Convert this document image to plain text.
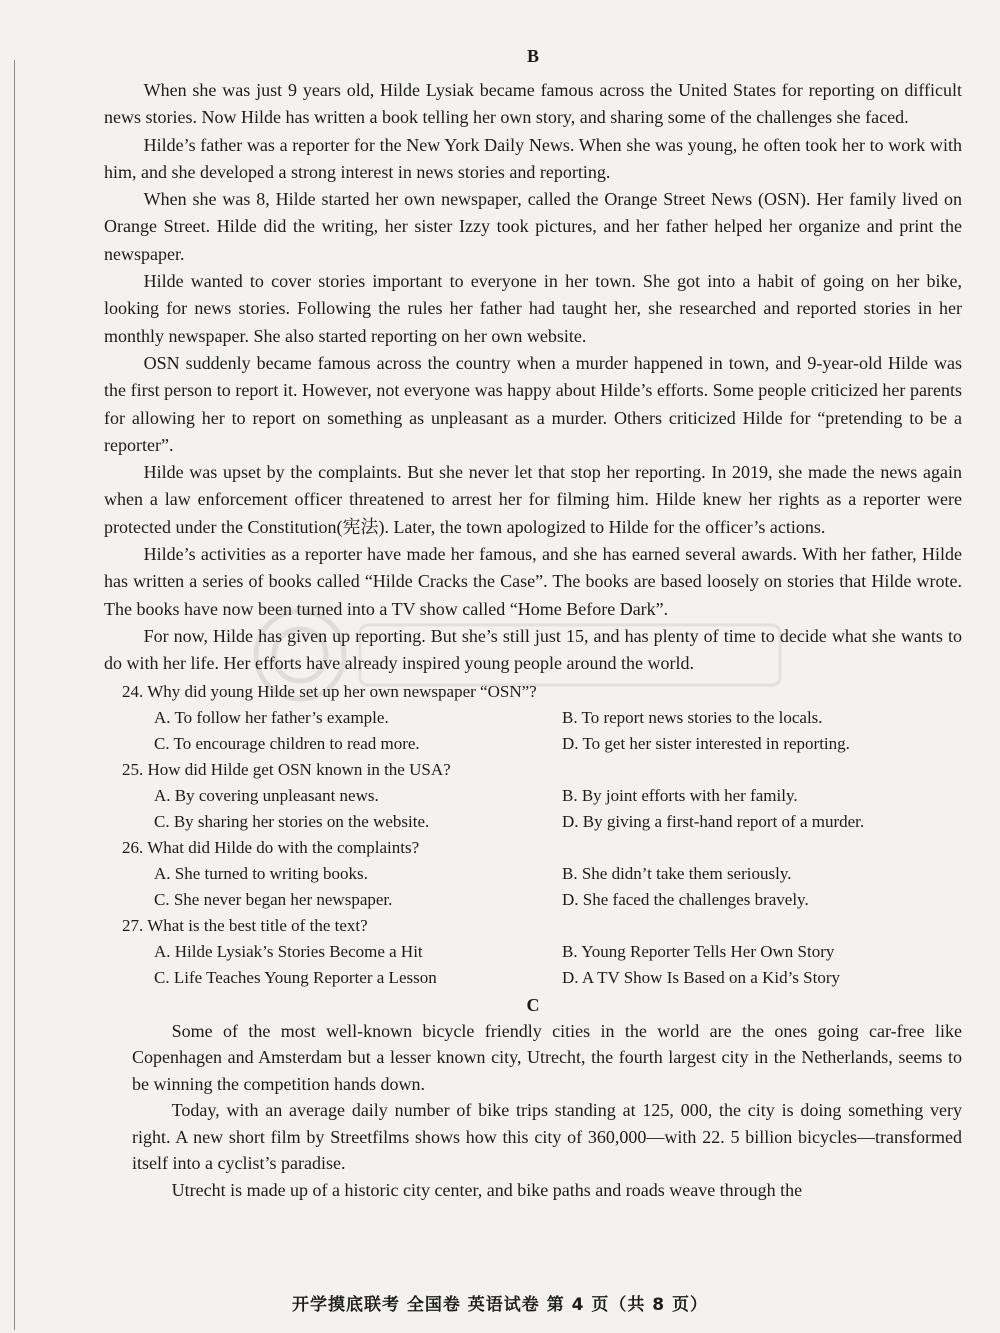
B

When she was just 9 years old, Hilde Lysiak became famous across the United States for reporting on difficult news stories. Now Hilde has written a book telling her own story, and sharing some of the challenges she faced.

Hilde’s father was a reporter for the New York Daily News. When she was young, he often took her to work with him, and she developed a strong interest in news stories and reporting.

When she was 8, Hilde started her own newspaper, called the Orange Street News (OSN). Her family lived on Orange Street. Hilde did the writing, her sister Izzy took pictures, and her father helped her organize and print the newspaper.

Hilde wanted to cover stories important to everyone in her town. She got into a habit of going on her bike, looking for news stories. Following the rules her father had taught her, she researched and reported stories in her monthly newspaper. She also started reporting on her own website.

OSN suddenly became famous across the country when a murder happened in town, and 9-year-old Hilde was the first person to report it. However, not everyone was happy about Hilde’s efforts. Some people criticized her parents for allowing her to report on something as unpleasant as a murder. Others criticized Hilde for “pretending to be a reporter”.

Hilde was upset by the complaints. But she never let that stop her reporting. In 2019, she made the news again when a law enforcement officer threatened to arrest her for filming him. Hilde knew her rights as a reporter were protected under the Constitution(宪法). Later, the town apologized to Hilde for the officer’s actions.

Hilde’s activities as a reporter have made her famous, and she has earned several awards. With her father, Hilde has written a series of books called “Hilde Cracks the Case”. The books are based loosely on stories that Hilde wrote. The books have now been turned into a TV show called “Home Before Dark”.

For now, Hilde has given up reporting. But she’s still just 15, and has plenty of time to decide what she wants to do with her life. Her efforts have already inspired young people around the world.

24. Why did young Hilde set up her own newspaper “OSN”?
A. To follow her father’s example.	B. To report news stories to the locals.
C. To encourage children to read more.	D. To get her sister interested in reporting.
25. How did Hilde get OSN known in the USA?
A. By covering unpleasant news.	B. By joint efforts with her family.
C. By sharing her stories on the website.	D. By giving a first-hand report of a murder.
26. What did Hilde do with the complaints?
A. She turned to writing books.	B. She didn’t take them seriously.
C. She never began her newspaper.	D. She faced the challenges bravely.
27. What is the best title of the text?
A. Hilde Lysiak’s Stories Become a Hit	B. Young Reporter Tells Her Own Story
C. Life Teaches Young Reporter a Lesson	D. A TV Show Is Based on a Kid’s Story
C

Some of the most well-known bicycle friendly cities in the world are the ones going car-free like Copenhagen and Amsterdam but a lesser known city, Utrecht, the fourth largest city in the Netherlands, seems to be winning the competition hands down.

Today, with an average daily number of bike trips standing at 125, 000, the city is doing something very right. A new short film by Streetfilms shows how this city of 360,000—with 22. 5 billion bicycles—transformed itself into a cyclist’s paradise.

Utrecht is made up of a historic city center, and bike paths and roads weave through the

开学摸底联考 全国卷 英语试卷 第 4 页（共 8 页）
